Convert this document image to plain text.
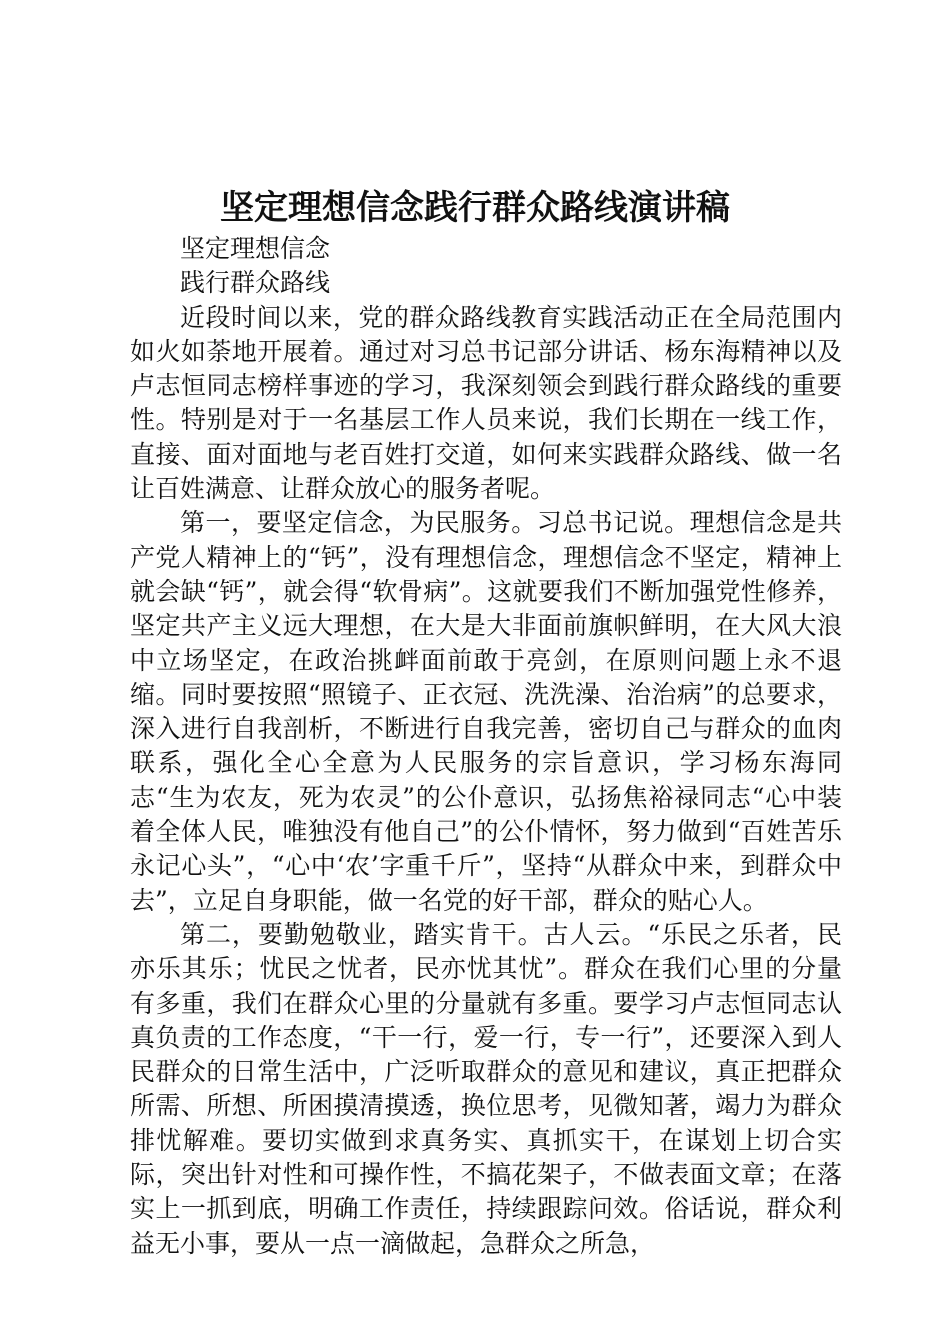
坚定理想信念践行群众路线演讲稿

坚定理想信念

践行群众路线

近段时间以来，党的群众路线教育实践活动正在全局范围内如火如荼地开展着。通过对习总书记部分讲话、杨东海精神以及卢志恒同志榜样事迹的学习，我深刻领会到践行群众路线的重要性。特别是对于一名基层工作人员来说，我们长期在一线工作，直接、面对面地与老百姓打交道，如何来实践群众路线、做一名让百姓满意、让群众放心的服务者呢。

第一，要坚定信念，为民服务。习总书记说。理想信念是共产党人精神上的“钙”，没有理想信念，理想信念不坚定，精神上就会缺“钙”，就会得“软骨病”。这就要我们不断加强党性修养，坚定共产主义远大理想，在大是大非面前旗帜鲜明，在大风大浪中立场坚定，在政治挑衅面前敢于亮剑，在原则问题上永不退缩。同时要按照“照镜子、正衣冠、洗洗澡、治治病”的总要求，深入进行自我剖析，不断进行自我完善，密切自己与群众的血肉联系，强化全心全意为人民服务的宗旨意识，学习杨东海同志“生为农友，死为农灵”的公仆意识，弘扬焦裕禄同志“心中装着全体人民，唯独没有他自己”的公仆情怀，努力做到“百姓苦乐永记心头”，“心中‘农’字重千斤”，坚持“从群众中来，到群众中去”，立足自身职能，做一名党的好干部，群众的贴心人。

第二，要勤勉敬业，踏实肯干。古人云。“乐民之乐者，民亦乐其乐；忧民之忧者，民亦忧其忧”。群众在我们心里的分量有多重，我们在群众心里的分量就有多重。要学习卢志恒同志认真负责的工作态度，“干一行，爱一行，专一行”，还要深入到人民群众的日常生活中，广泛听取群众的意见和建议，真正把群众所需、所想、所困摸清摸透，换位思考，见微知著，竭力为群众排忧解难。要切实做到求真务实、真抓实干，在谋划上切合实际，突出针对性和可操作性，不搞花架子，不做表面文章；在落实上一抓到底，明确工作责任，持续跟踪问效。俗话说，群众利益无小事，要从一点一滴做起，急群众之所急，
